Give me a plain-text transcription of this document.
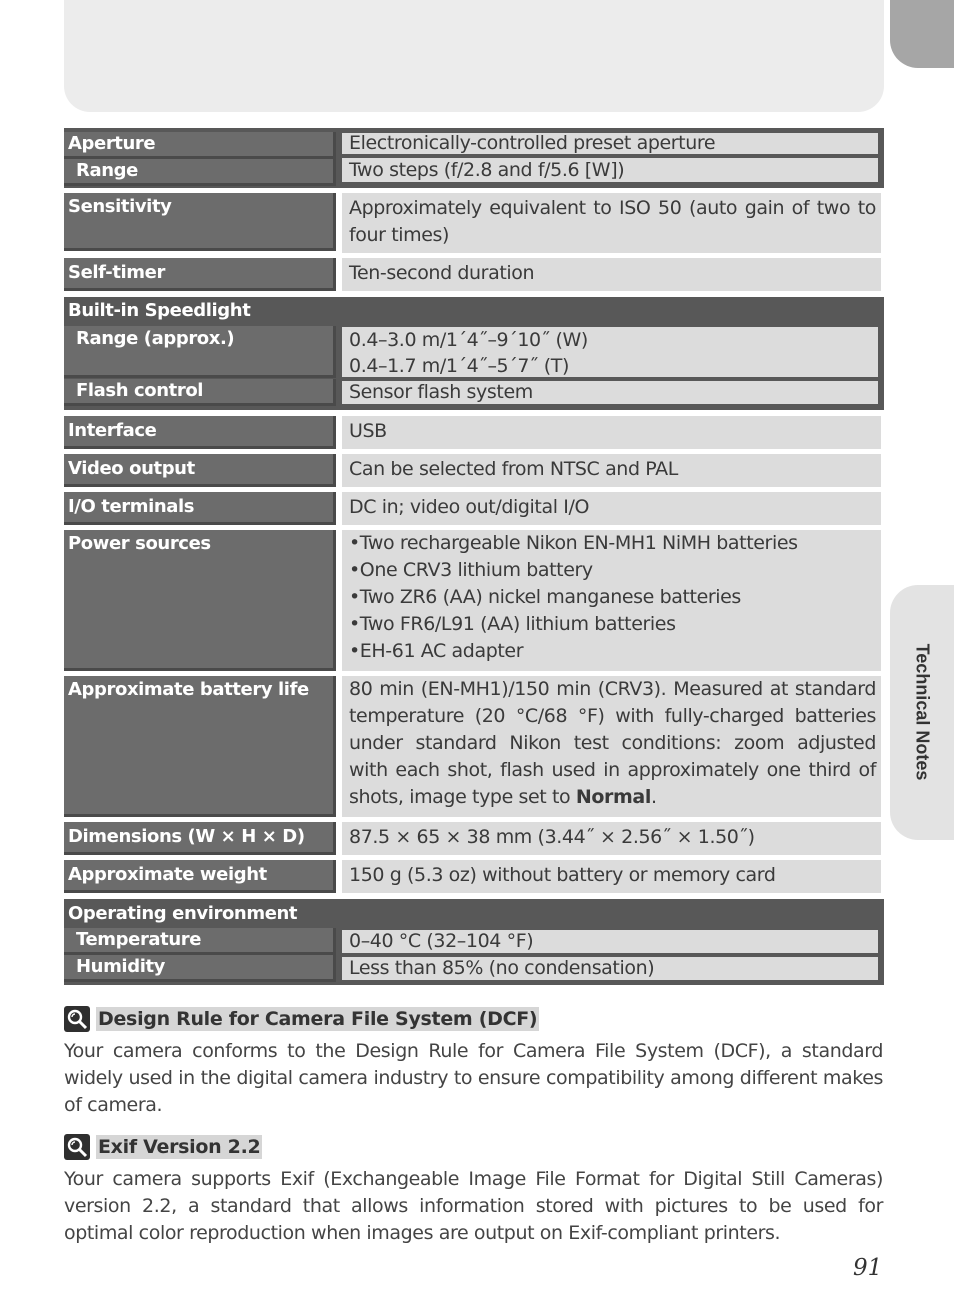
Technical Notes
Aperture	Electronically-controlled preset aperture
Range	Two steps (f/2.8 and f/5.6 [W])
Sensitivity	Approximately equivalent to ISO 50 (auto gain of two to four times)
Self-timer	Ten-second duration
Built-in Speedlight
Range (approx.)	0.4–3.0 m/1´4˝–9´10˝ (W)
0.4–1.7 m/1´4˝–5´7˝ (T)
Flash control	Sensor flash system
Interface	USB
Video output	Can be selected from NTSC and PAL
I/O terminals	DC in; video out/digital I/O
Power sources	•Two rechargeable Nikon EN-MH1 NiMH batteries
•One CRV3 lithium battery
•Two ZR6 (AA) nickel manganese batteries
•Two FR6/L91 (AA) lithium batteries
•EH-61 AC adapter
Approximate battery life	80 min (EN-MH1)/150 min (CRV3). Measured at standard temperature (20 °C/68 °F) with fully-charged batteries under standard Nikon test conditions: zoom adjusted with each shot, flash used in approximately one third of shots, image type set to Normal.
Dimensions (W × H × D)	87.5 × 65 × 38 mm (3.44˝ × 2.56˝ × 1.50˝)
Approximate weight	150 g (5.3 oz) without battery or memory card
Operating environment
Temperature	0–40 °C (32–104 °F)
Humidity	Less than 85% (no condensation)
Design Rule for Camera File System (DCF)
Your camera conforms to the Design Rule for Camera File System (DCF), a standard widely used in the digital camera industry to ensure compatibility among different makes of camera.
Exif Version 2.2
Your camera supports Exif (Exchangeable Image File Format for Digital Still Cameras) version 2.2, a standard that allows information stored with pictures to be used for optimal color reproduction when images are output on Exif-compliant printers.
91
